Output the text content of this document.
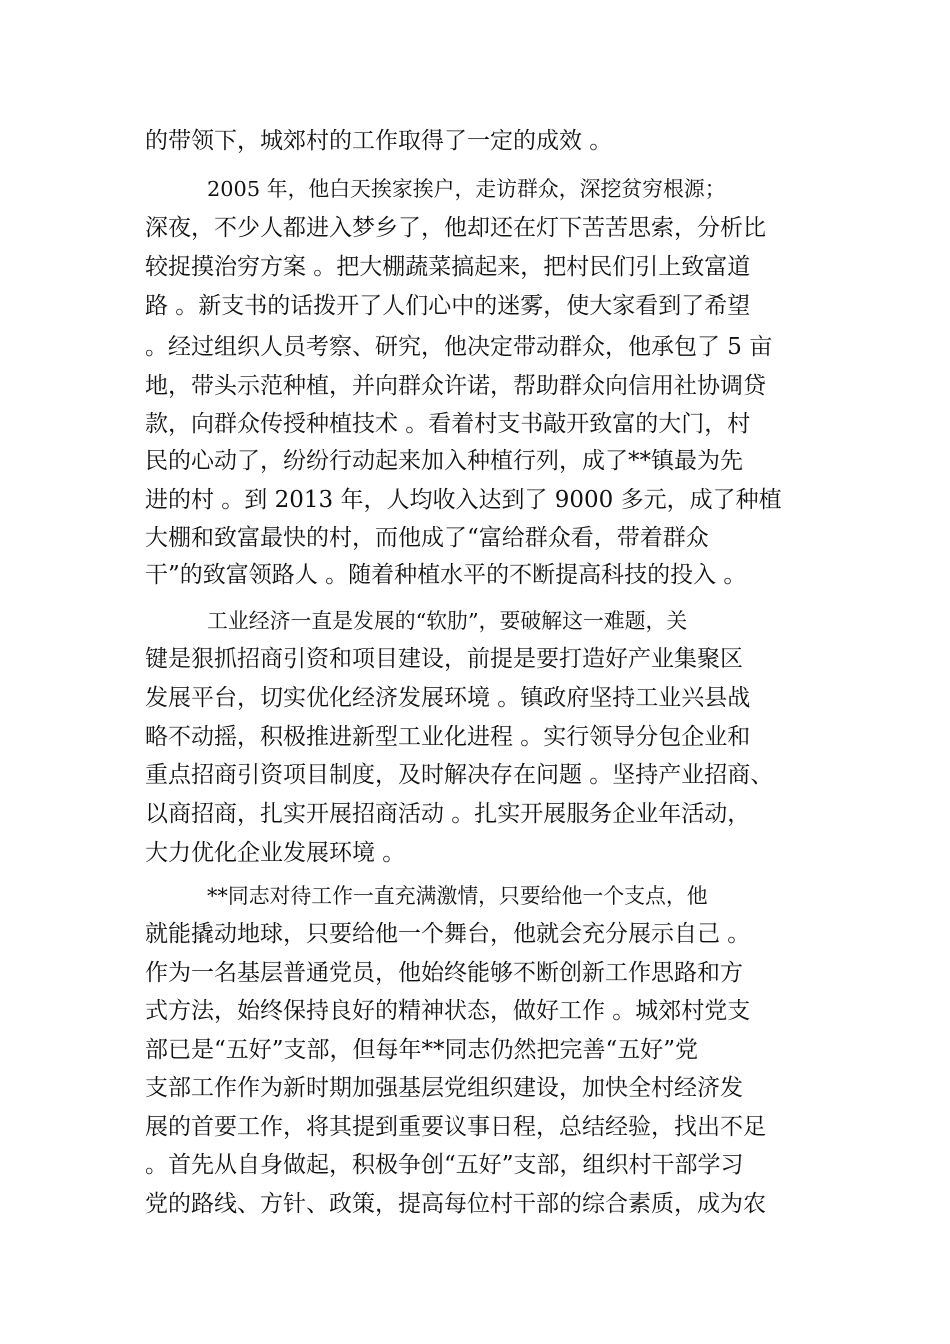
的带领下，城郊村的工作取得了一定的成效 。
2005 年，他白天挨家挨户，走访群众，深挖贫穷根源；
深夜，不少人都进入梦乡了，他却还在灯下苦苦思索，分析比
较捉摸治穷方案 。把大棚蔬菜搞起来，把村民们引上致富道
路 。新支书的话拨开了人们心中的迷雾，使大家看到了希望
。经过组织人员考察、研究，他决定带动群众，他承包了 5 亩
地，带头示范种植，并向群众许诺，帮助群众向信用社协调贷
款，向群众传授种植技术 。看着村支书敲开致富的大门，村
民的心动了，纷纷行动起来加入种植行列，成了**镇最为先
进的村 。到 2013 年，人均收入达到了 9000 多元，成了种植
大棚和致富最快的村，而他成了“富给群众看，带着群众
干”的致富领路人 。随着种植水平的不断提高科技的投入 。
工业经济一直是发展的“软肋”，要破解这一难题，关
键是狠抓招商引资和项目建设，前提是要打造好产业集聚区
发展平台，切实优化经济发展环境 。镇政府坚持工业兴县战
略不动摇，积极推进新型工业化进程 。实行领导分包企业和
重点招商引资项目制度，及时解决存在问题 。坚持产业招商、
以商招商，扎实开展招商活动 。扎实开展服务企业年活动，
大力优化企业发展环境 。
**同志对待工作一直充满激情，只要给他一个支点，他
就能撬动地球，只要给他一个舞台，他就会充分展示自己 。
作为一名基层普通党员，他始终能够不断创新工作思路和方
式方法，始终保持良好的精神状态，做好工作 。城郊村党支
部已是“五好”支部，但每年**同志仍然把完善“五好”党
支部工作作为新时期加强基层党组织建设，加快全村经济发
展的首要工作，将其提到重要议事日程，总结经验，找出不足
。首先从自身做起，积极争创“五好”支部，组织村干部学习
党的路线、方针、政策，提高每位村干部的综合素质，成为农
